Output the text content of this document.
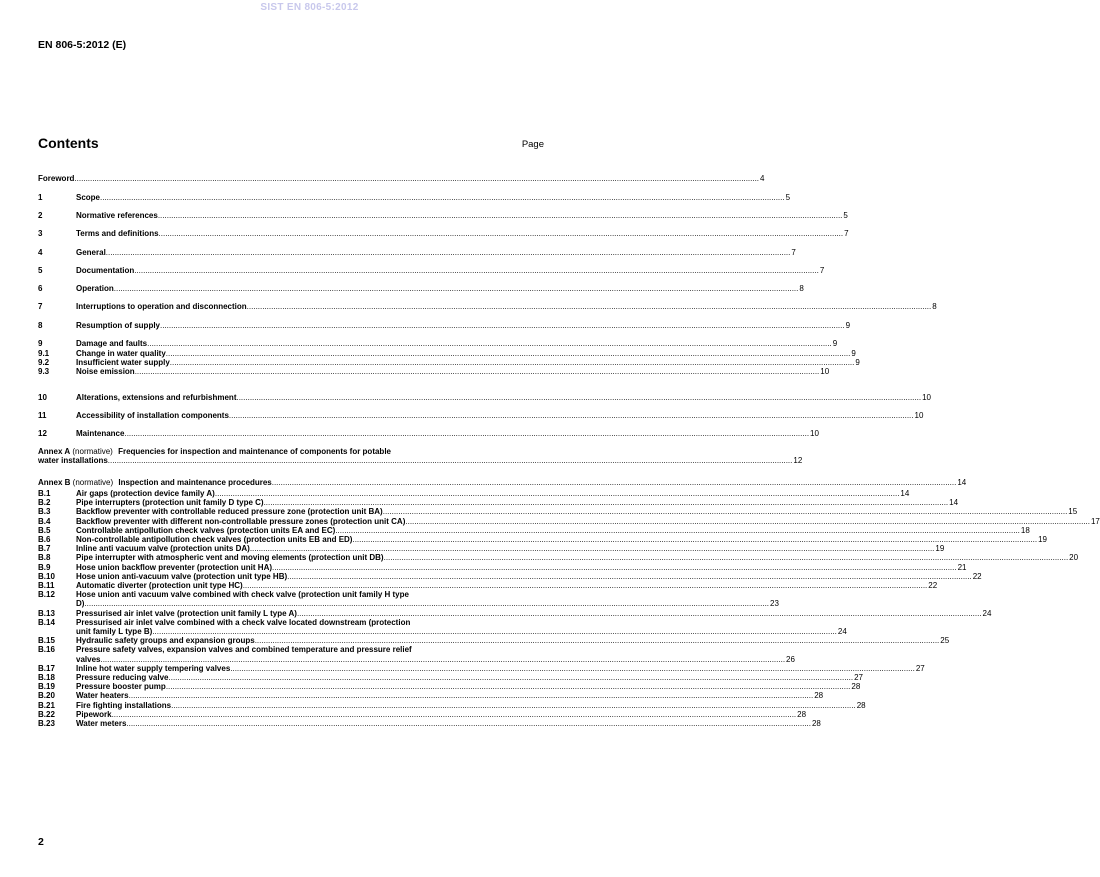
SIST EN 806-5:2012
EN 806-5:2012 (E)
Contents	Page
Foreword .....	4
1	Scope .....	5
2	Normative references .....	5
3	Terms and definitions .....	7
4	General .....	7
5	Documentation .....	7
6	Operation .....	8
7	Interruptions to operation and disconnection .....	8
8	Resumption of supply .....	9
9	Damage and faults .....	9
9.1	Change in water quality .....	9
9.2	Insufficient water supply .....	9
9.3	Noise emission .....	10
10	Alterations, extensions and refurbishment .....	10
11	Accessibility of installation components .....	10
12	Maintenance .....	10
Annex A (normative) Frequencies for inspection and maintenance of components for potable
water installations .....	12
Annex B (normative) Inspection and maintenance procedures .....	14
B.1	Air gaps (protection device family A) .....	14
B.2	Pipe interrupters (protection unit family D type C) .....	14
B.3	Backflow preventer with controllable reduced pressure zone (protection unit BA) .....	15
B.4	Backflow preventer with different non-controllable pressure zones (protection unit CA) .....	17
B.5	Controllable antipollution check valves (protection units EA and EC) .....	18
B.6	Non-controllable antipollution check valves (protection units EB and ED) .....	19
B.7	Inline anti vacuum valve (protection units DA) .....	19
B.8	Pipe interrupter with atmospheric vent and moving elements (protection unit DB) .....	20
B.9	Hose union backflow preventer (protection unit HA) .....	21
B.10	Hose union anti-vacuum valve (protection unit type HB) .....	22
B.11	Automatic diverter (protection unit type HC) .....	22
B.12	Hose union anti vacuum valve combined with check valve (protection unit family H type
D) .....	23
B.13	Pressurised air inlet valve (protection unit family L type A) .....	24
B.14	Pressurised air inlet valve combined with a check valve located downstream (protection
unit family L type B) .....	24
B.15	Hydraulic safety groups and expansion groups .....	25
B.16	Pressure safety valves, expansion valves and combined temperature and pressure relief
valves .....	26
B.17	Inline hot water supply tempering valves .....	27
B.18	Pressure reducing valve .....	27
B.19	Pressure booster pump .....	28
B.20	Water heaters .....	28
B.21	Fire fighting installations .....	28
B.22	Pipework .....	28
B.23	Water meters .....	28
2
